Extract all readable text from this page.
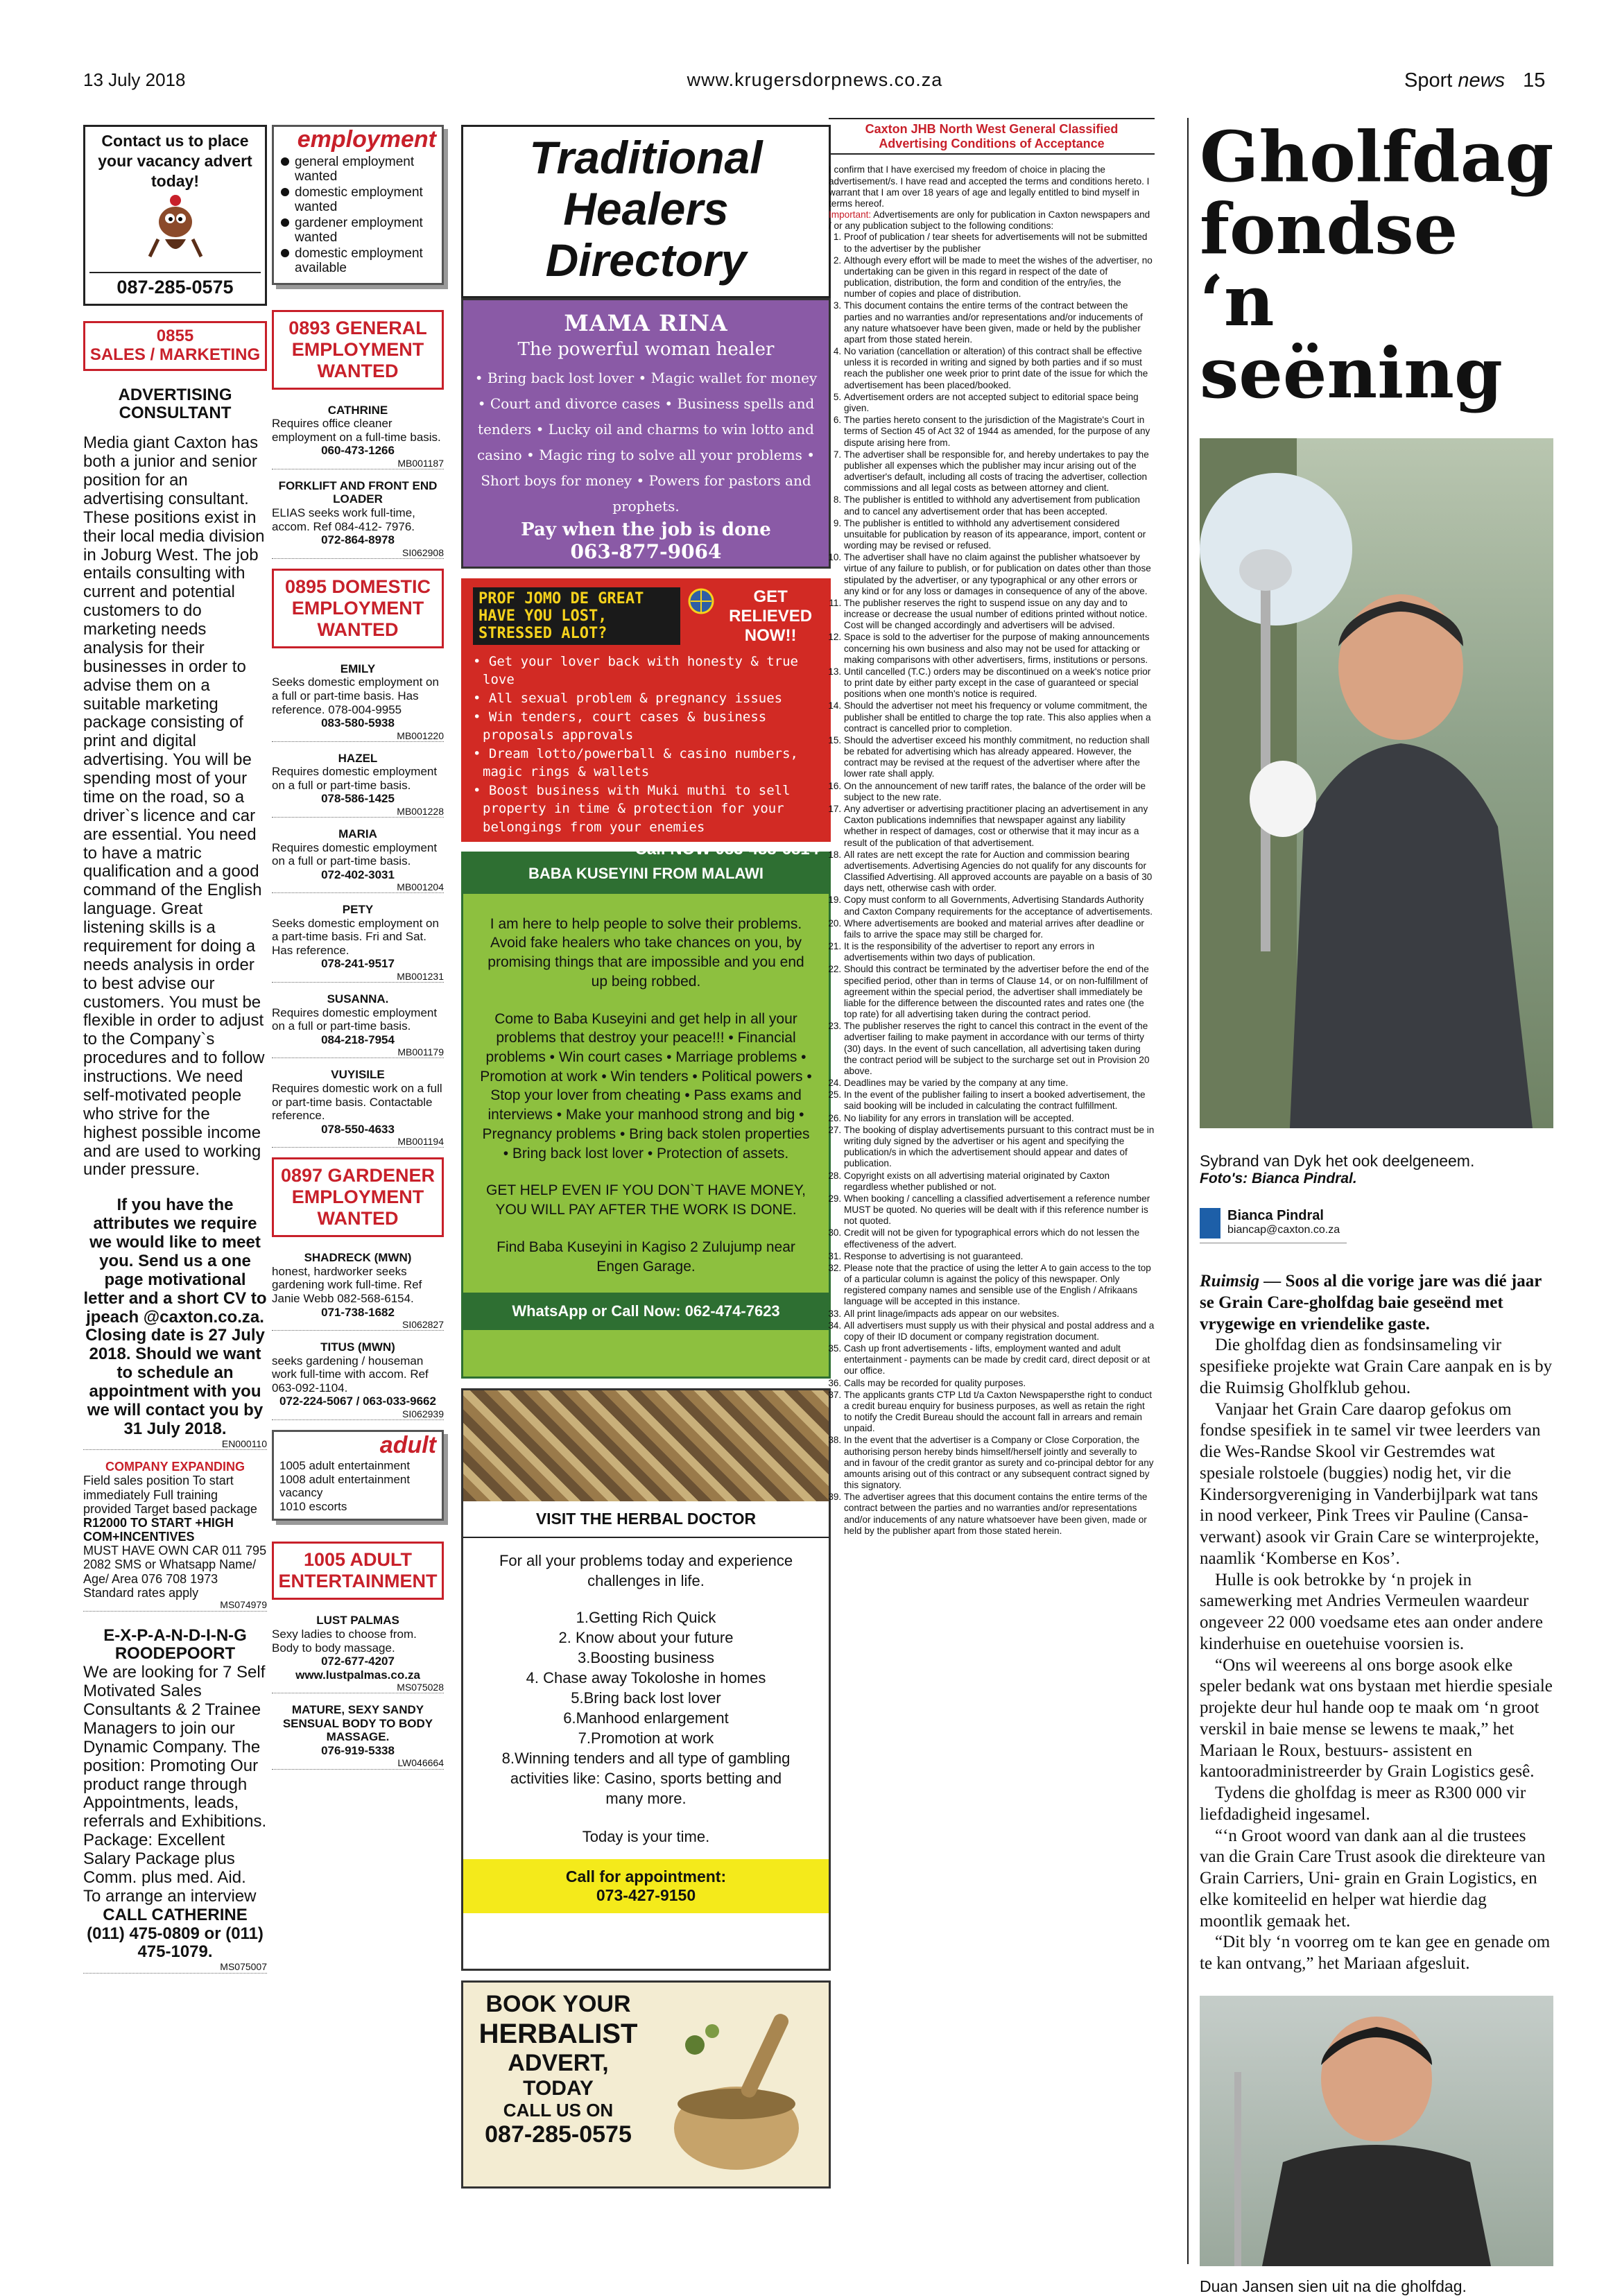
13 July 2018	www.krugersdorpnews.co.za	Sport news 15
Contact us to place
your vacancy advert
today!
087-285-0575
0855
SALES / MARKETING
ADVERTISING CONSULTANT
Media giant Caxton has both a junior and senior position for an advertising consultant. These positions exist in their local media division in Joburg West. The job entails consulting with current and potential customers to do marketing needs analysis for their businesses in order to advise them on a suitable marketing package consisting of print and digital advertising. You will be spending most of your time on the road, so a driver`s licence and car are essential. You need to have a matric qualification and a good command of the English language. Great listening skills is a requirement for doing a needs analysis in order to best advise our customers. You must be flexible in order to adjust to the Company`s procedures and to follow instructions. We need self-motivated people who strive for the highest possible income and are used to working under pressure.
If you have the attributes we require we would like to meet you. Send us a one page motivational letter and a short CV to jpeach @caxton.co.za. Closing date is 27 July 2018. Should we want to schedule an appointment with you we will contact you by 31 July 2018.
EN000110
COMPANY EXPANDING
Field sales position To start immediately Full training provided Target based package
R12000 TO START +HIGH COM+INCENTIVES
MUST HAVE OWN CAR 011 795 2082 SMS or Whatsapp Name/ Age/ Area 076 708 1973 Standard rates apply
MS074979
E-X-P-A-N-D-I-N-G ROODEPOORT
We are looking for 7 Self Motivated Sales Consultants & 2 Trainee Managers to join our Dynamic Company. The position: Promoting Our product range through Appointments, leads, referrals and Exhibitions. Package: Excellent Salary Package plus Comm. plus med. Aid. To arrange an interview
CALL CATHERINE (011) 475-0809 or (011) 475-1079.
MS075007
employment
general employment wanted
domestic employment wanted
gardener employment wanted
domestic employment available
0893 GENERAL EMPLOYMENT WANTED
CATHRINE
Requires office cleaner employment on a full-time basis.
060-473-1266
MB001187
FORKLIFT AND FRONT END LOADER
ELIAS seeks work full-time, accom. Ref 084-412- 7976.
072-864-8978
SI062908
0895 DOMESTIC EMPLOYMENT WANTED
EMILY
Seeks domestic employment on a full or part-time basis. Has reference. 078-004-9955
083-580-5938
MB001220
HAZEL
Requires domestic employment on a full or part-time basis.
078-586-1425
MB001228
MARIA
Requires domestic employment on a full or part-time basis.
072-402-3031
MB001204
PETY
Seeks domestic employment on a part-time basis. Fri and Sat. Has reference.
078-241-9517
MB001231
SUSANNA.
Requires domestic employment on a full or part-time basis.
084-218-7954
MB001179
VUYISILE
Requires domestic work on a full or part-time basis. Contactable reference.
078-550-4633
MB001194
0897 GARDENER EMPLOYMENT WANTED
SHADRECK (MWN)
honest, hardworker seeks gardening work full-time. Ref Janie Webb 082-568-6154.
071-738-1682
SI062827
TITUS (MWN)
seeks gardening / houseman work full-time with accom. Ref 063-092-1104.
072-224-5067 / 063-033-9662
SI062939
adult
1005 adult entertainment
1008 adult entertainment vacancy
1010 escorts
1005 ADULT ENTERTAINMENT
LUST PALMAS
Sexy ladies to choose from. Body to body massage.
072-677-4207 www.lustpalmas.co.za
MS075028
MATURE, SEXY SANDY SENSUAL BODY TO BODY MASSAGE.
076-919-5338
LW046664
Traditional Healers Directory
MAMA RINA
The powerful woman healer
• Bring back lost lover • Magic wallet for money • Court and divorce cases • Business spells and tenders • Lucky oil and charms to win lotto and casino • Magic ring to solve all your problems • Short boys for money • Powers for pastors and prophets.
Pay when the job is done
063-877-9064
PROF JOMO DE GREAT HAVE YOU LOST, STRESSED ALOT?
GET RELIEVED NOW!!
• Get your lover back with honesty & true love
• All sexual problem & pregnancy issues
• Win tenders, court cases & business proposals approvals
• Dream lotto/powerball & casino numbers, magic rings & wallets
• Boost business with Muki muthi to sell property in time & protection for your belongings from your enemies
Call NOW 083-488-6814
BABA KUSEYINI FROM MALAWI
I am here to help people to solve their problems. Avoid fake healers who take chances on you, by promising things that are impossible and you end up being robbed.
Come to Baba Kuseyini and get help in all your problems that destroy your peace!!! • Financial problems • Win court cases • Marriage problems • Promotion at work • Win tenders • Political powers • Stop your lover from cheating • Pass exams and interviews • Make your manhood strong and big • Pregnancy problems • Bring back stolen properties • Bring back lost lover • Protection of assets.
GET HELP EVEN IF YOU DON`T HAVE MONEY, YOU WILL PAY AFTER THE WORK IS DONE.
Find Baba Kuseyini in Kagiso 2 Zulujump near Engen Garage.
WhatsApp or Call Now: 062-474-7623
VISIT THE HERBAL DOCTOR
For all your problems today and experience challenges in life.
1.Getting Rich Quick
2. Know about your future
3.Boosting business
4. Chase away Tokoloshe in homes
5.Bring back lost lover
6.Manhood enlargement
7.Promotion at work
8.Winning tenders and all type of gambling activities like: Casino, sports betting and many more.
Today is your time.
Call for appointment:
073-427-9150
BOOK YOUR
HERBALIST
ADVERT,
TODAY
CALL US ON
087-285-0575
Caxton JHB North West General Classified Advertising Conditions of Acceptance
I confirm that I have exercised my freedom of choice in placing the advertisement/s. I have read and accepted the terms and conditions hereto. I warrant that I am over 18 years of age and legally entitled to bind myself in terms hereof.
Important: Advertisements are only for publication in Caxton newspapers and / or any publication subject to the following conditions:
1. Proof of publication / tear sheets for advertisements will not be submitted to the advertiser by the publisher
2. Although every effort will be made to meet the wishes of the advertiser, no undertaking can be given in this regard in respect of the date of publication, distribution, the form and condition of the entry/ies, the number of copies and place of distribution.
3. This document contains the entire terms of the contract between the parties and no warranties and/or representations and/or inducements of any nature whatsoever have been given, made or held by the publisher apart from those stated herein.
4. No variation (cancellation or alteration) of this contract shall be effective unless it is recorded in writing and signed by both parties and if so must reach the publisher one week prior to print date of the issue for which the advertisement has been placed/booked.
5. Advertisement orders are not accepted subject to editorial space being given.
6. The parties hereto consent to the jurisdiction of the Magistrate's Court in terms of Section 45 of Act 32 of 1944 as amended, for the purpose of any dispute arising here from.
7. The advertiser shall be responsible for, and hereby undertakes to pay the publisher all expenses which the publisher may incur arising out of the advertiser's default, including all costs of tracing the advertiser, collection commissions and all legal costs as between attorney and client.
8. The publisher is entitled to withhold any advertisement from publication and to cancel any advertisement order that has been accepted.
9. The publisher is entitled to withhold any advertisement considered unsuitable for publication by reason of its appearance, import, content or wording may be revised or refused.
10. The advertiser shall have no claim against the publisher whatsoever by virtue of any failure to publish, or for publication on dates other than those stipulated by the advertiser, or any typographical or any other errors or any kind or for any loss or damages in consequence of any of the above.
11. The publisher reserves the right to suspend issue on any day and to increase or decrease the usual number of editions printed without notice. Cost will be changed accordingly and advertisers will be advised.
12. Space is sold to the advertiser for the purpose of making announcements concerning his own business and also may not be used for attacking or making comparisons with other advertisers, firms, institutions or persons.
13. Until cancelled (T.C.) orders may be discontinued on a week's notice prior to print date by either party except in the case of guaranteed or special positions when one month's notice is required.
14. Should the advertiser not meet his frequency or volume commitment, the publisher shall be entitled to charge the top rate. This also applies when a contract is cancelled prior to completion.
15. Should the advertiser exceed his monthly commitment, no reduction shall be rebated for advertising which has already appeared. However, the contract may be revised at the request of the advertiser where after the lower rate shall apply.
16. On the announcement of new tariff rates, the balance of the order will be subject to the new rate.
17. Any advertiser or advertising practitioner placing an advertisement in any Caxton publications indemnifies that newspaper against any liability whether in respect of damages, cost or otherwise that it may incur as a result of the publication of that advertisement.
18. All rates are nett except the rate for Auction and commission bearing advertisements. Advertising Agencies do not qualify for any discounts for Classified Advertising. All approved accounts are payable on a basis of 30 days nett, otherwise cash with order.
19. Copy must conform to all Governments, Advertising Standards Authority and Caxton Company requirements for the acceptance of advertisements.
20. Where advertisements are booked and material arrives after deadline or fails to arrive the space may still be charged for.
21. It is the responsibility of the advertiser to report any errors in advertisements within two days of publication.
22. Should this contract be terminated by the advertiser before the end of the specified period, other than in terms of Clause 14, or on non-fulfillment of agreement within the special period, the advertiser shall immediately be liable for the difference between the discounted rates and rates one (the top rate) for all advertising taken during the contract period.
23. The publisher reserves the right to cancel this contract in the event of the advertiser failing to make payment in accordance with our terms of thirty (30) days. In the event of such cancellation, all advertising taken during the contract period will be subject to the surcharge set out in Provision 20 above.
24. Deadlines may be varied by the company at any time.
25. In the event of the publisher failing to insert a booked advertisement, the said booking will be included in calculating the contract fulfillment.
26. No liability for any errors in translation will be accepted.
27. The booking of display advertisements pursuant to this contract must be in writing duly signed by the advertiser or his agent and specifying the publication/s in which the advertisement should appear and dates of publication.
28. Copyright exists on all advertising material originated by Caxton regardless whether published or not.
29. When booking / cancelling a classified advertisement a reference number MUST be quoted. No queries will be dealt with if this reference number is not quoted.
30. Credit will not be given for typographical errors which do not lessen the effectiveness of the advert.
31. Response to advertising is not guaranteed.
32. Please note that the practice of using the letter A to gain access to the top of a particular column is against the policy of this newspaper. Only registered company names and sensible use of the English / Afrikaans language will be accepted in this instance.
33. All print linage/impacts ads appear on our websites.
34. All advertisers must supply us with their physical and postal address and a copy of their ID document or company registration document.
35. Cash up front advertisements - lifts, employment wanted and adult entertainment - payments can be made by credit card, direct deposit or at our office.
36. Calls may be recorded for quality purposes.
37. The applicants grants CTP Ltd t/a Caxton Newspapersthe right to conduct a credit bureau enquiry for business purposes, as well as retain the right to notify the Credit Bureau should the account fall in arrears and remain unpaid.
38. In the event that the advertiser is a Company or Close Corporation, the authorising person hereby binds himself/herself jointly and severally to and in favour of the credit grantor as surety and co-principal debtor for any amounts arising out of this contract or any subsequent contract signed by this signatory.
39. The advertiser agrees that this document contains the entire terms of the contract between the parties and no warranties and/or representations and/or inducements of any nature whatsoever have been given, made or held by the publisher apart from those stated herein.
Gholfdag fondse ‘n seëning
Sybrand van Dyk het ook deelgeneem.
Foto's: Bianca Pindral.
Bianca Pindral
biancap@caxton.co.za
Ruimsig — Soos al die vorige jare was dié jaar se Grain Care-gholfdag baie geseënd met vrygewige en vriendelike gaste.

Die gholfdag dien as fondsinsameling vir spesifieke projekte wat Grain Care aanpak en is by die Ruimsig Gholfklub gehou.

Vanjaar het Grain Care daarop gefokus om fondse spesifiek in te samel vir twee leerders van die Wes-Randse Skool vir Gestremdes wat spesiale rolstoele (buggies) nodig het, vir die Kindersorgvereniging in Vanderbijlpark wat tans in nood verkeer, Pink Trees vir Pauline (Cansa-verwant) asook vir Grain Care se winterprojekte, naamlik ‘Komberse en Kos’.

Hulle is ook betrokke by ‘n projek in samewerking met Andries Vermeulen waardeur ongeveer 22 000 voedsame etes aan onder andere kinderhuise en ouetehuise voorsien is.

“Ons wil weereens al ons borge asook elke speler bedank wat ons bystaan met hierdie spesiale projekte deur hul hande oop te maak om ‘n groot verskil in baie mense se lewens te maak,” het Mariaan le Roux, bestuurs- assistent en kantooradministreerder by Grain Logistics gesê.

Tydens die gholfdag is meer as R300 000 vir liefdadigheid ingesamel.

“‘n Groot woord van dank aan al die trustees van die Grain Care Trust asook die direkteure van Grain Carriers, Uni- grain en Grain Logistics, en elke komiteelid en helper wat hierdie dag moontlik gemaak het.

“Dit bly ‘n voorreg om te kan gee en genade om te kan ontvang,” het Mariaan afgesluit.

Duan Jansen sien uit na die gholfdag.
